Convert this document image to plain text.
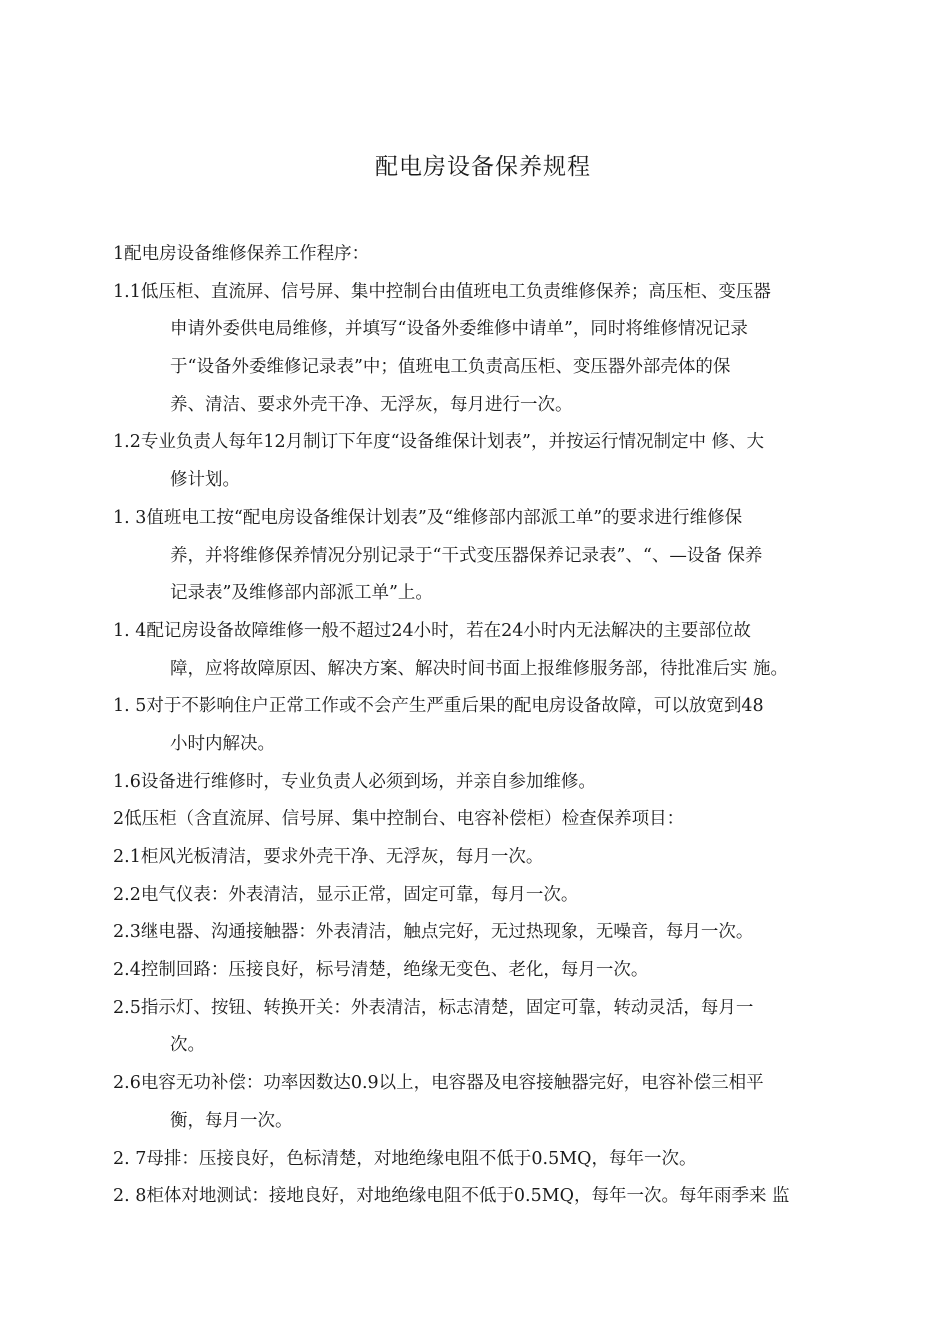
配电房设备保养规程
1配电房设备维修保养工作程序：
1.1低压柜、直流屏、信号屏、集中控制台由值班电工负责维修保养；高压柜、变压器
申请外委供电局维修，并填写“设备外委维修中请单”，同时将维修情况记录
于“设备外委维修记录表”中；值班电工负责高压柜、变压器外部壳体的保
养、清洁、要求外壳干净、无浮灰，每月进行一次。
1.2专业负责人每年12月制订下年度“设备维保计划表”，并按运行情况制定中 修、大
修计划。
1. 3值班电工按“配电房设备维保计划表”及“维修部内部派工单”的要求进行维修保
养，并将维修保养情况分别记录于“干式变压器保养记录表”、“、—设备 保养
记录表”及维修部内部派工单”上。
1. 4配记房设备故障维修一般不超过24小时，若在24小时内无法解决的主要部位故
障，应将故障原因、解决方案、解决时间书面上报维修服务部，待批准后实 施。
1. 5对于不影响住户正常工作或不会产生严重后果的配电房设备故障，可以放宽到48
小时内解决。
1.6设备进行维修时，专业负责人必须到场，并亲自参加维修。
2低压柜（含直流屏、信号屏、集中控制台、电容补偿柜）检查保养项目：
2.1柜风光板清洁，要求外壳干净、无浮灰，每月一次。
2.2电气仪表：外表清洁，显示正常，固定可靠，每月一次。
2.3继电器、沟通接触器：外表清洁，触点完好，无过热现象，无噪音，每月一次。
2.4控制回路：压接良好，标号清楚，绝缘无变色、老化，每月一次。
2.5指示灯、按钮、转换开关：外表清洁，标志清楚，固定可靠，转动灵活，每月一
次。
2.6电容无功补偿：功率因数达0.9以上，电容器及电容接触器完好，电容补偿三相平
衡，每月一次。
2. 7母排：压接良好，色标清楚，对地绝缘电阻不低于0.5MQ，每年一次。
2. 8柜体对地测试：接地良好，对地绝缘电阻不低于0.5MQ，每年一次。每年雨季来 监
